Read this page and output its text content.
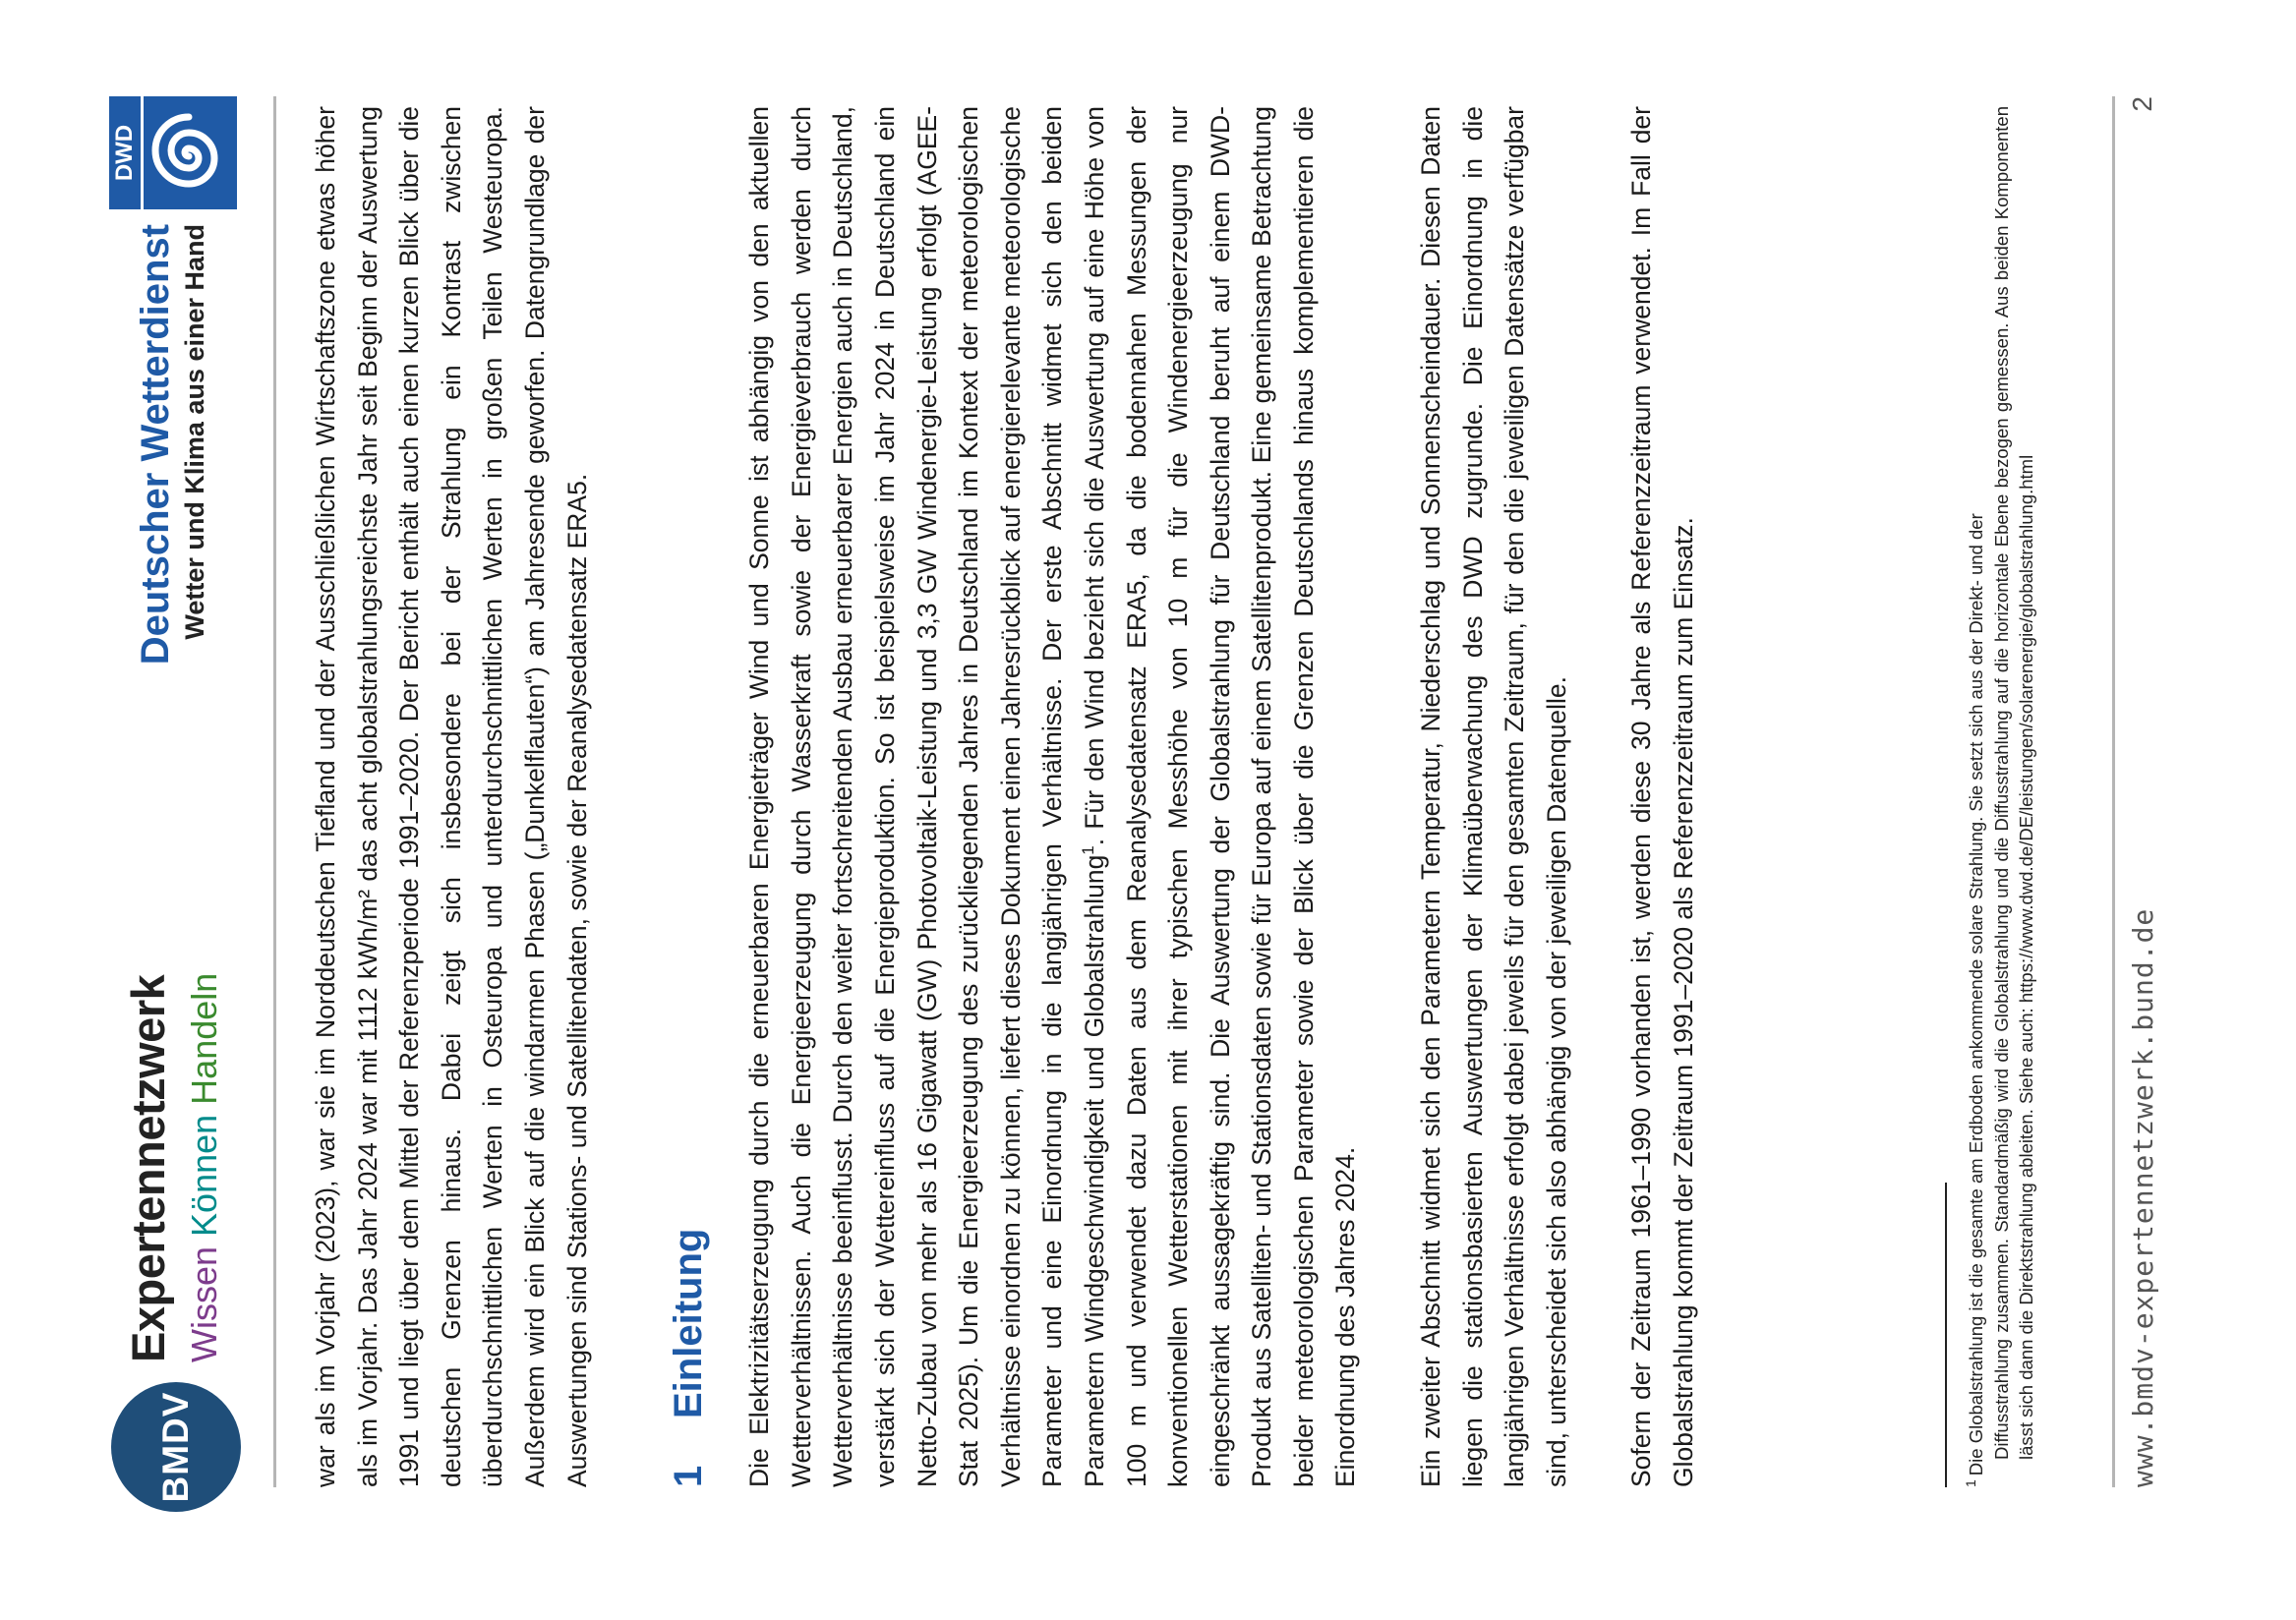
BMDV
Expertennetzwerk Wissen Können Handeln
Deutscher Wetterdienst Wetter und Klima aus einer Hand
DWD	war als im Vorjahr (2023), war sie im Norddeutschen Tiefland und der Ausschließlichen Wirtschaftszone etwas höher als im Vorjahr. Das Jahr 2024 war mit 1112 kWh/m² das acht globalstrahlungsreichste Jahr seit Beginn der Auswertung 1991 und liegt über dem Mittel der Referenzperiode 1991–2020. Der Bericht enthält auch einen kurzen Blick über die deutschen Grenzen hinaus. Dabei zeigt sich insbesondere bei der Strahlung ein Kontrast zwischen überdurchschnittlichen Werten in Osteuropa und unterdurchschnittlichen Werten in großen Teilen Westeuropa. Außerdem wird ein Blick auf die windarmen Phasen („Dunkelflauten“) am Jahresende geworfen. Datengrundlage der Auswertungen sind Stations- und Satellitendaten, sowie der Reanalysedatensatz ERA5. 1Einleitung Die Elektrizitätserzeugung durch die erneuerbaren Energieträger Wind und Sonne ist abhängig von den aktuellen Wetterverhältnissen. Auch die Energieerzeugung durch Wasserkraft sowie der Energieverbrauch werden durch Wetterverhältnisse beeinflusst. Durch den weiter fortschreitenden Ausbau erneuerbarer Energien auch in Deutschland, verstärkt sich der Wettereinfluss auf die Energieproduktion. So ist beispielsweise im Jahr 2024 in Deutschland ein Netto-Zubau von mehr als 16 Gigawatt (GW) Photovoltaik-Leistung und 3,3 GW Windenergie-Leistung erfolgt (AGEE-Stat 2025). Um die Energieerzeugung des zurückliegenden Jahres in Deutschland im Kontext der meteorologischen Verhältnisse einordnen zu können, liefert dieses Dokument einen Jahresrückblick auf energierelevante meteorologische Parameter und eine Einordnung in die langjährigen Verhältnisse. Der erste Abschnitt widmet sich den beiden Parametern Windgeschwindigkeit und Globalstrahlung$^1$. Für den Wind bezieht sich die Auswertung auf eine Höhe von 100 m und verwendet dazu Daten aus dem Reanalysedatensatz ERA5, da die bodennahen Messungen der konventionellen Wetterstationen mit ihrer typischen Messhöhe von 10 m für die Windenergieerzeugung nur eingeschränkt aussagekräftig sind. Die Auswertung der Globalstrahlung für Deutschland beruht auf einem DWD-Produkt aus Satelliten- und Stationsdaten sowie für Europa auf einem Satellitenprodukt. Eine gemeinsame Betrachtung beider meteorologischen Parameter sowie der Blick über die Grenzen Deutschlands hinaus komplementieren die Einordnung des Jahres 2024. Ein zweiter Abschnitt widmet sich den Parametern Temperatur, Niederschlag und Sonnenscheindauer. Diesen Daten liegen die stationsbasierten Auswertungen der Klimaüberwachung des DWD zugrunde. Die Einordnung in die langjährigen Verhältnisse erfolgt dabei jeweils für den gesamten Zeitraum, für den die jeweiligen Datensätze verfügbar sind, unterscheidet sich also abhängig von der jeweiligen Datenquelle. Sofern der Zeitraum 1961–1990 vorhanden ist, werden diese 30 Jahre als Referenzzeitraum verwendet. Im Fall der Globalstrahlung kommt der Zeitraum 1991–2020 als Referenzzeitraum zum Einsatz.	$^1$Die Globalstrahlung ist die gesamte am Erdboden ankommende solare Strahlung. Sie setzt sich aus der Direkt- und der Diffusstrahlung zusammen. Standardmäßig wird die Globalstrahlung und die Diffusstrahlung auf die horizontale Ebene bezogen gemessen. Aus beiden Komponenten lässt sich dann die Direktstrahlung ableiten. Siehe auch: https://www.dwd.de/DE/leistungen/solarenergie/globalstrahlung.html	www.bmdv-expertennetzwerk.bund.de
2
